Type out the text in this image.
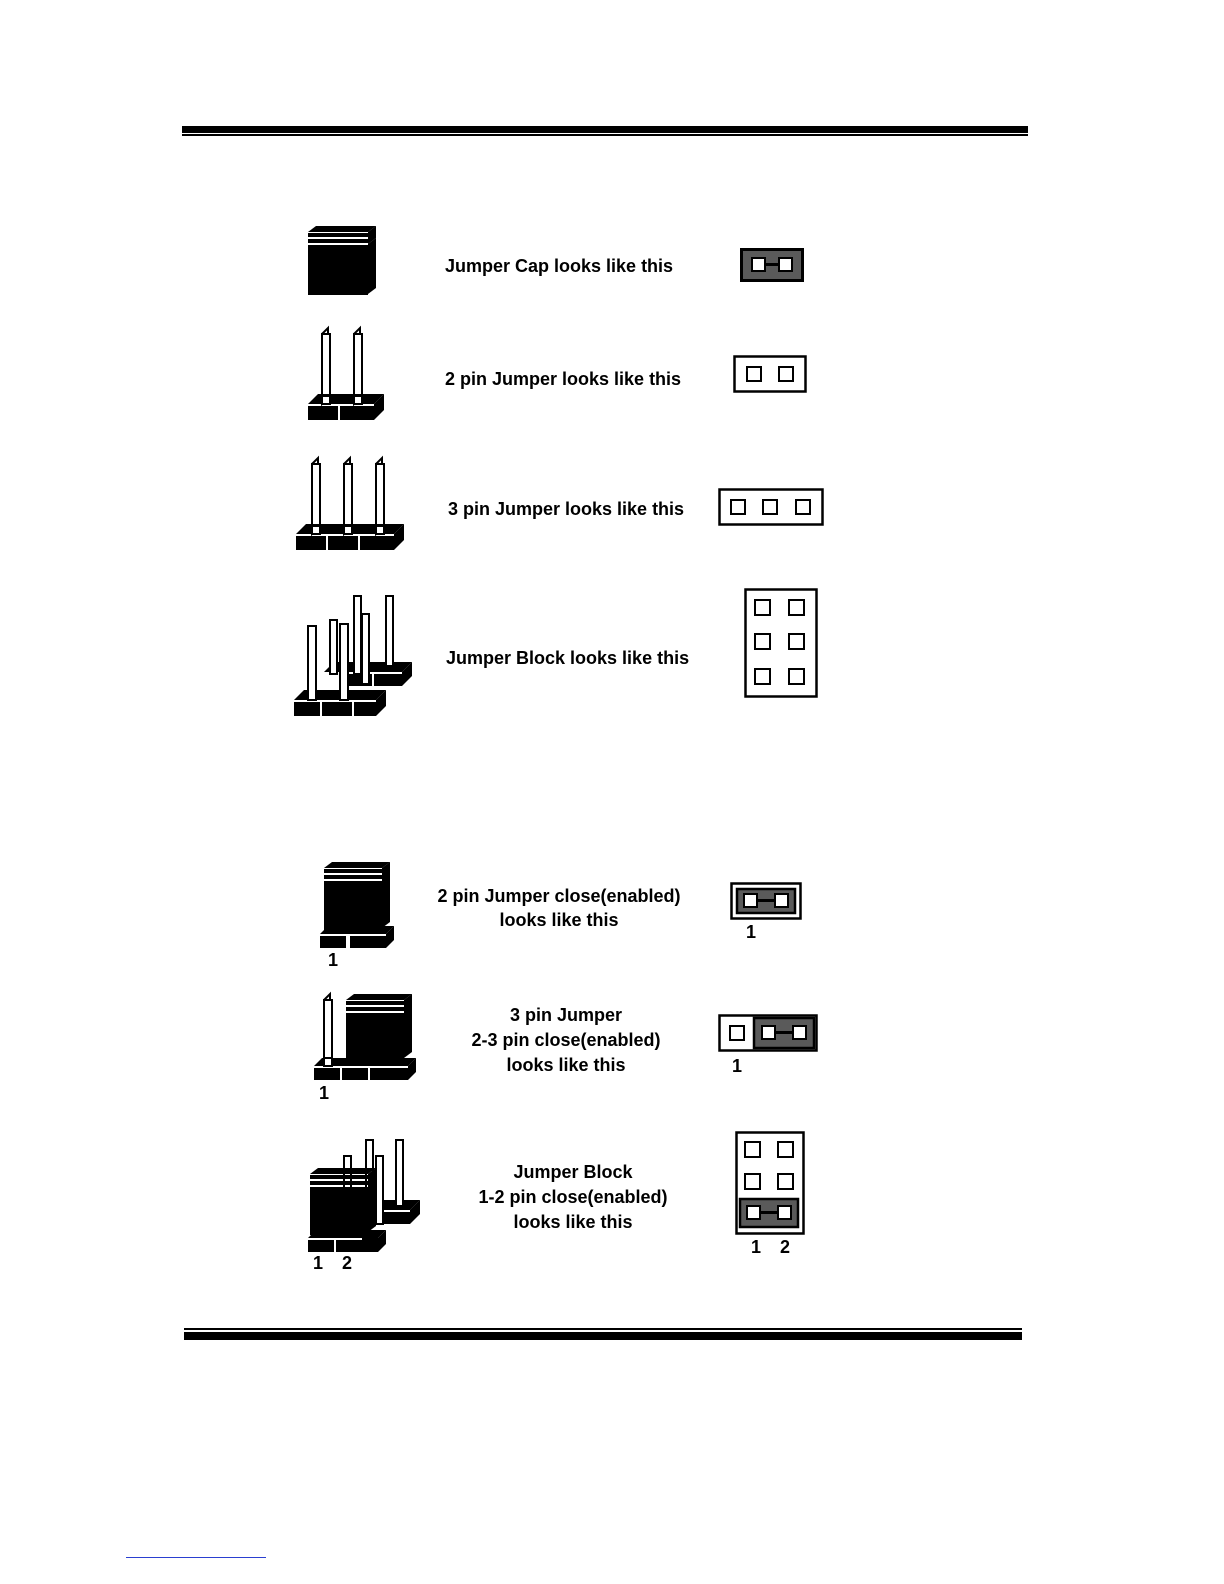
Jumper Cap looks like this
2 pin Jumper looks like this
3 pin Jumper looks like this
Jumper Block looks like this
1
2 pin Jumper close(enabled)
looks like this
1
1
3 pin Jumper
2-3 pin close(enabled)
looks like this	1
1 2
Jumper Block
1-2 pin close(enabled)
looks like this
1 2
